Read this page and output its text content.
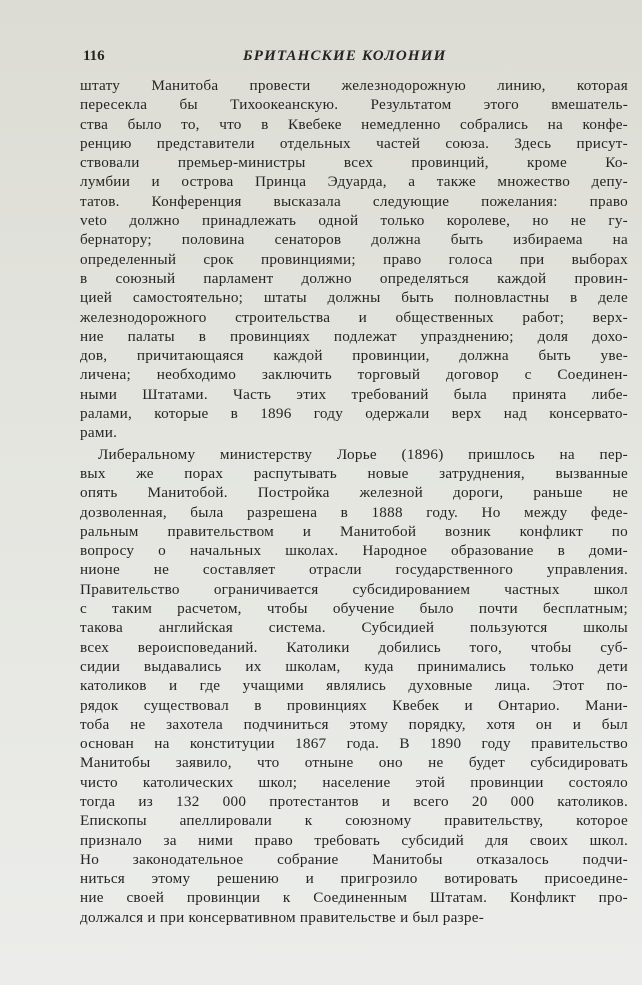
116	БРИТАНСКИЕ КОЛОНИИ
штату Манитоба провести железнодорожную линию, которая
пересекла бы Тихоокеанскую. Результатом этого вмешатель-
ства было то, что в Квебеке немедленно собрались на конфе-
ренцию представители отдельных частей союза. Здесь присут-
ствовали премьер-министры всех провинций, кроме Ко-
лумбии и острова Принца Эдуарда, а также множество депу-
татов. Конференция высказала следующие пожелания: право
veto должно принадлежать одной только королеве, но не гу-
бернатору; половина сенаторов должна быть избираема на
определенный срок провинциями; право голоса при выборах
в союзный парламент должно определяться каждой провин-
цией самостоятельно; штаты должны быть полновластны в деле
железнодорожного строительства и общественных работ; верх-
ние палаты в провинциях подлежат упразднению; доля дохо-
дов, причитающаяся каждой провинции, должна быть уве-
личена; необходимо заключить торговый договор с Соединен-
ными Штатами. Часть этих требований была принята либе-
ралами, которые в 1896 году одержали верх над консервато-
рами.
Либеральному министерству Лорье (1896) пришлось на пер-
вых же порах распутывать новые затруднения, вызванные
опять Манитобой. Постройка железной дороги, раньше не
дозволенная, была разрешена в 1888 году. Но между феде-
ральным правительством и Манитобой возник конфликт по
вопросу о начальных школах. Народное образование в доми-
нионе не составляет отрасли государственного управления.
Правительство ограничивается субсидированием частных школ
с таким расчетом, чтобы обучение было почти бесплатным;
такова английская система. Субсидией пользуются школы
всех вероисповеданий. Католики добились того, чтобы суб-
сидии выдавались их школам, куда принимались только дети
католиков и где учащими являлись духовные лица. Этот по-
рядок существовал в провинциях Квебек и Онтарио. Мани-
тоба не захотела подчиниться этому порядку, хотя он и был
основан на конституции 1867 года. В 1890 году правительство
Манитобы заявило, что отныне оно не будет субсидировать
чисто католических школ; население этой провинции состояло
тогда из 132 000 протестантов и всего 20 000 католиков.
Епископы апеллировали к союзному правительству, которое
признало за ними право требовать субсидий для своих школ.
Но законодательное собрание Манитобы отказалось подчи-
ниться этому решению и пригрозило вотировать присоедине-
ние своей провинции к Соединенным Штатам. Конфликт про-
должался и при консервативном правительстве и был разре-
